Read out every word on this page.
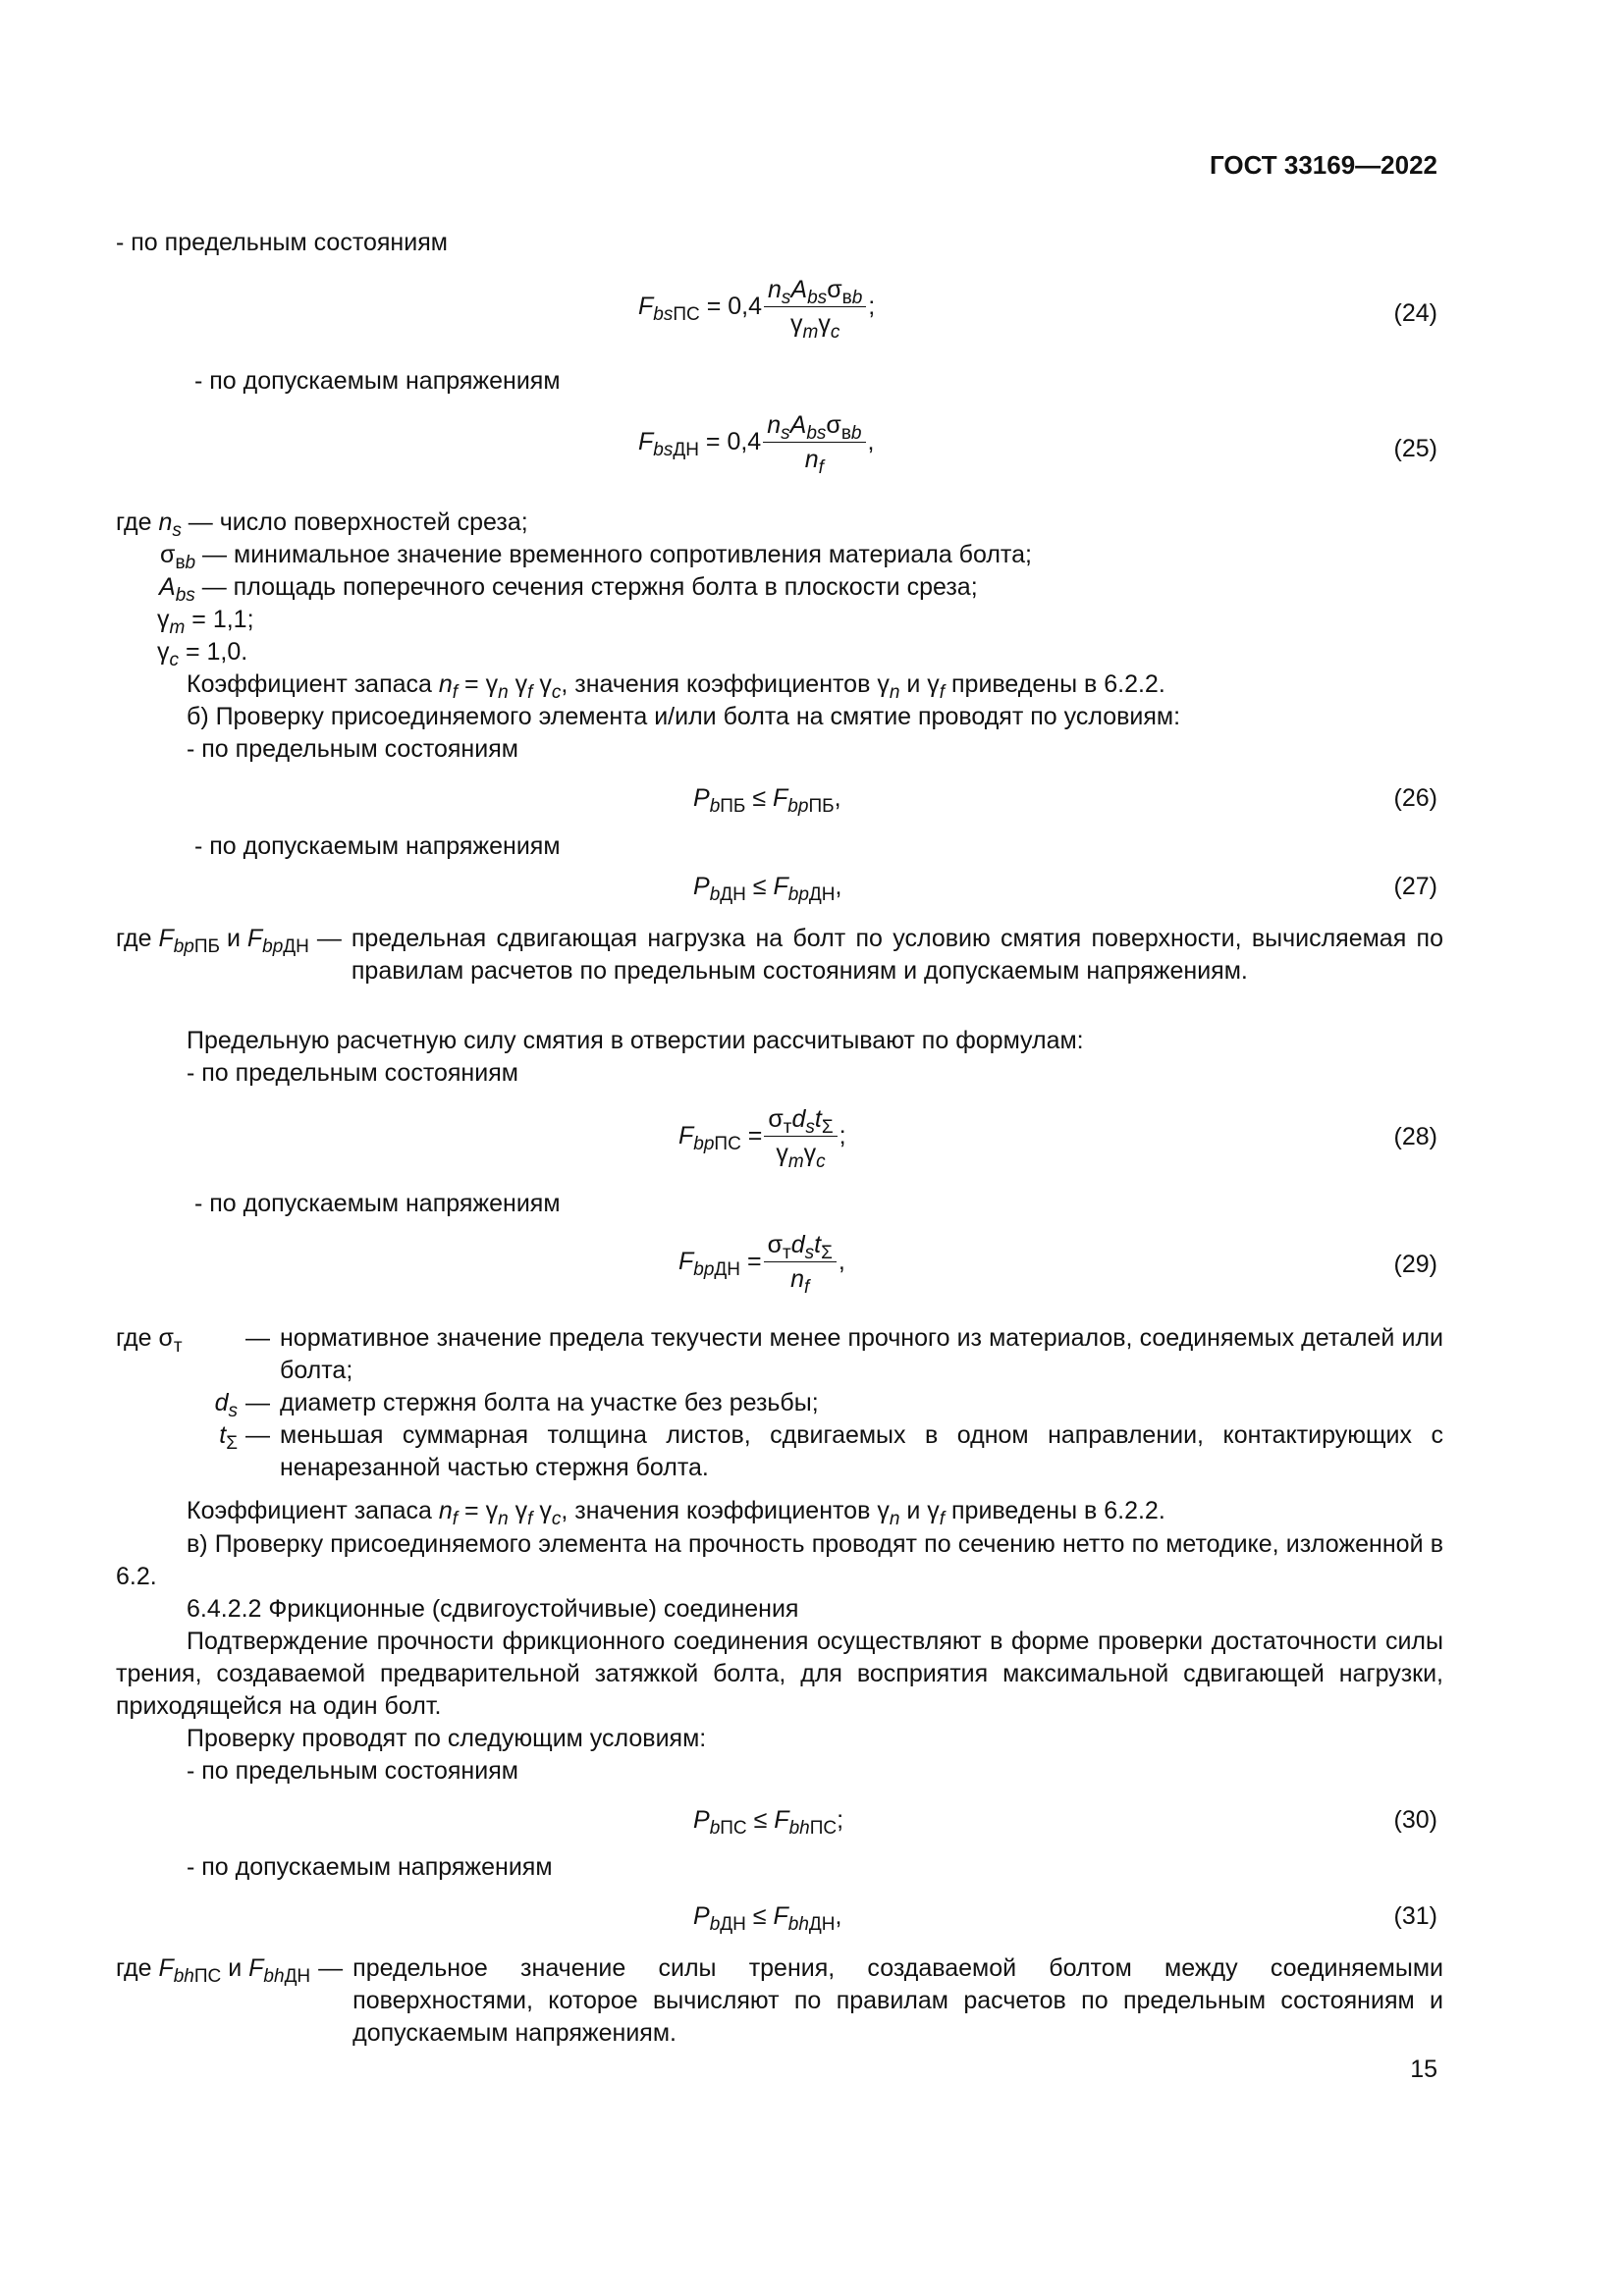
ГОСТ 33169—2022

- по предельным состояниям

$F_{bsПС} = 0,4 \frac{n_sA_{bs}\sigma_{вb}}{\gamma_m\gamma_c}$ ;	(24)

- по допускаемым напряжениям

$F_{bsДН} = 0,4 \frac{n_sA_{bs}\sigma_{вb}}{n_f}$ ,	(25)
где $n_s$ — число поверхностей среза;
$\sigma_{вb}$ — минимальное значение временного сопротивления материала болта;
$A_{bs}$ — площадь поперечного сечения стержня болта в плоскости среза;
$\gamma_m = 1,1$;
$\gamma_c = 1,0$.

Коэффициент запаса $n_f = \gamma_n$ $\gamma_f$ $\gamma_c$, значения коэффициентов $\gamma_n$ и $\gamma_f$ приведены в 6.2.2.

б) Проверку присоединяемого элемента и/или болта на смятие проводят по условиям:

- по предельным состояниям

$P_{bПБ} \le F_{bpПБ}$,	(26)

- по допускаемым напряжениям

$P_{bДН} \le F_{bpДН}$,	(27)
где $F_{bpПБ}$ и $F_{bpДН}$ — предельная сдвигающая нагрузка на болт по условию смятия поверхности, вычисляемая по правилам расчетов по предельным состояниям и допускаемым напряжениям.

Предельную расчетную силу смятия в отверстии рассчитывают по формулам:

- по предельным состояниям

$F_{bpПС} = \frac{\sigma_тd_st_\Sigma}{\gamma_m\gamma_c}$ ;	(28)

- по допускаемым напряжениям

$F_{bpДН} = \frac{\sigma_тd_st_\Sigma}{n_f}$ ,	(29)
где $\sigma_т$	— нормативное значение предела текучести менее прочного из материалов, соединяемых деталей или болта;
$d_s$ — диаметр стержня болта на участке без резьбы;
$t_\Sigma$ — меньшая суммарная толщина листов, сдвигаемых в одном направлении, контактирующих с ненарезанной частью стержня болта.

Коэффициент запаса $n_f = \gamma_n$ $\gamma_f$ $\gamma_c$, значения коэффициентов $\gamma_n$ и $\gamma_f$ приведены в 6.2.2.

в) Проверку присоединяемого элемента на прочность проводят по сечению нетто по методике, изложенной в 6.2.

6.4.2.2 Фрикционные (сдвигоустойчивые) соединения

Подтверждение прочности фрикционного соединения осуществляют в форме проверки достаточности силы трения, создаваемой предварительной затяжкой болта, для восприятия максимальной сдвигающей нагрузки, приходящейся на один болт.

Проверку проводят по следующим условиям:

- по предельным состояниям

$P_{bПС} \le F_{bhПС}$;	(30)

- по допускаемым напряжениям

$P_{bДН} \le F_{bhДН}$,	(31)
где $F_{bhПС}$ и $F_{bhДН}$ — предельное значение силы трения, создаваемой болтом между соединяемыми поверхностями, которое вычисляют по правилам расчетов по предельным состояниям и допускаемым напряжениям.
15
